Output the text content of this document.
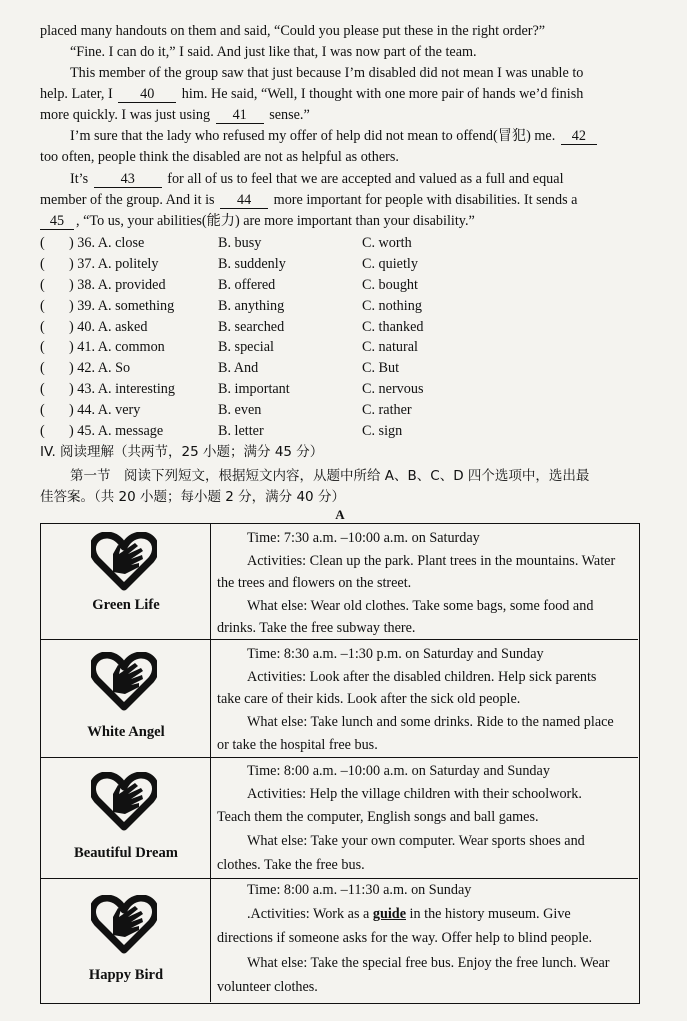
placed many handouts on them and said, “Could you please put these in the right order?”
“Fine. I can do it,” I said. And just like that, I was now part of the team.
This member of the group saw that just because I’m disabled did not mean I was unable to
help. Later, I 40 him. He said, “Well, I thought with one more pair of hands we’d finish
more quickly. I was just using 41 sense.”
I’m sure that the lady who refused my offer of help did not mean to offend(冒犯) me. 42
too often, people think the disabled are not as helpful as others.
It’s 43 for all of us to feel that we are accepted and valued as a full and equal
member of the group. And it is 44 more important for people with disabilities. It sends a
45 , “To us, your abilities(能力) are more important than your disability.”
( ) 36. A. close	B. busy	C. worth
( ) 37. A. politely	B. suddenly	C. quietly
( ) 38. A. provided	B. offered	C. bought
( ) 39. A. something	B. anything	C. nothing
( ) 40. A. asked	B. searched	C. thanked
( ) 41. A. common	B. special	C. natural
( ) 42. A. So	B. And	C. But
( ) 43. A. interesting	B. important	C. nervous
( ) 44. A. very	B. even	C. rather
( ) 45. A. message	B. letter	C. sign
IV. 阅读理解（共两节，25 小题；满分 45 分）
第一节　阅读下列短文，根据短文内容，从题中所给 A、B、C、D 四个选项中，选出最
佳答案。（共 20 小题；每小题 2 分，满分 40 分）
A
Green Life
Time: 7:30 a.m. –10:00 a.m. on Saturday
Activities: Clean up the park. Plant trees in the mountains. Water
the trees and flowers on the street.
What else: Wear old clothes. Take some bags, some food and
drinks. Take the free subway there.
White Angel
Time: 8:30 a.m. –1:30 p.m. on Saturday and Sunday
Activities: Look after the disabled children. Help sick parents
take care of their kids. Look after the sick old people.
What else: Take lunch and some drinks. Ride to the named place
or take the hospital free bus.
Beautiful Dream
Time: 8:00 a.m. –10:00 a.m. on Saturday and Sunday
Activities: Help the village children with their schoolwork.
Teach them the computer, English songs and ball games.
What else: Take your own computer. Wear sports shoes and
clothes. Take the free bus.
Happy Bird
Time: 8:00 a.m. –11:30 a.m. on Sunday
.Activities: Work as a guide in the history museum. Give
directions if someone asks for the way. Offer help to blind people.
What else: Take the special free bus. Enjoy the free lunch. Wear
volunteer clothes.
